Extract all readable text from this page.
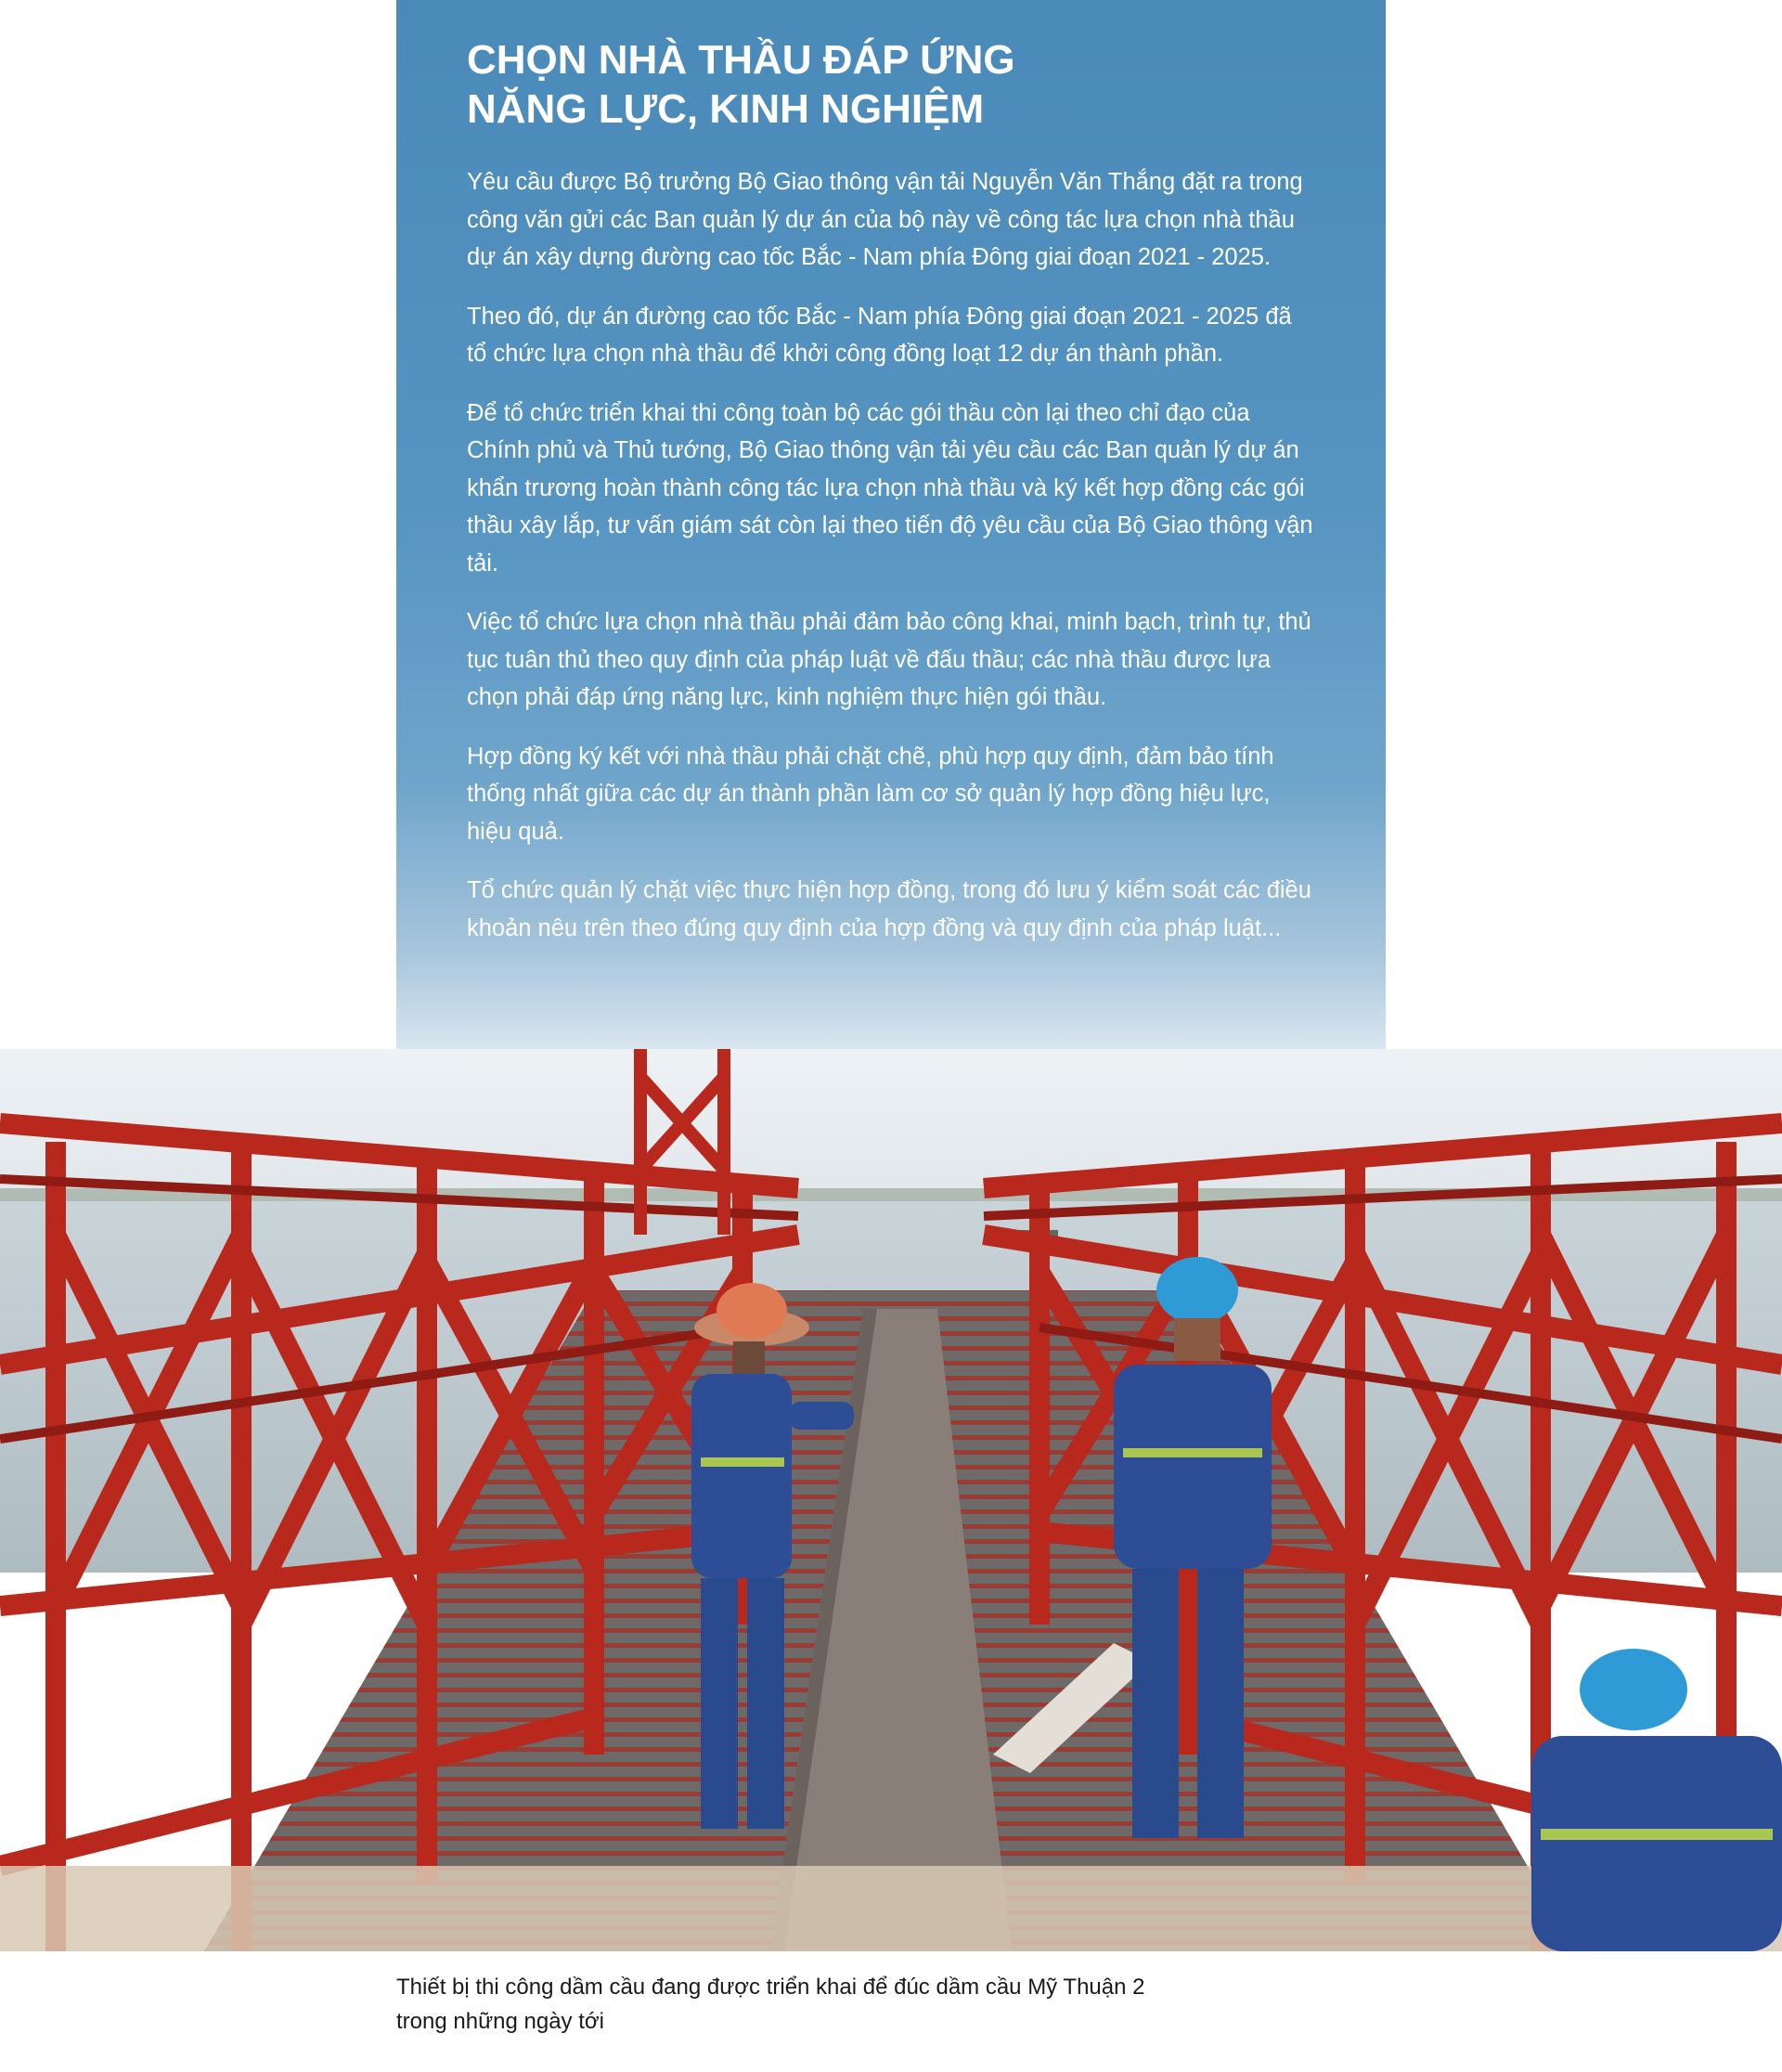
CHỌN NHÀ THẦU ĐÁP ỨNG
NĂNG LỰC, KINH NGHIỆM

Yêu cầu được Bộ trưởng Bộ Giao thông vận tải Nguyễn Văn Thắng đặt ra trong công văn gửi các Ban quản lý dự án của bộ này về công tác lựa chọn nhà thầu dự án xây dựng đường cao tốc Bắc - Nam phía Đông giai đoạn 2021 - 2025.

Theo đó, dự án đường cao tốc Bắc - Nam phía Đông giai đoạn 2021 - 2025 đã tổ chức lựa chọn nhà thầu để khởi công đồng loạt 12 dự án thành phần.

Để tổ chức triển khai thi công toàn bộ các gói thầu còn lại theo chỉ đạo của Chính phủ và Thủ tướng, Bộ Giao thông vận tải yêu cầu các Ban quản lý dự án khẩn trương hoàn thành công tác lựa chọn nhà thầu và ký kết hợp đồng các gói thầu xây lắp, tư vấn giám sát còn lại theo tiến độ yêu cầu của Bộ Giao thông vận tải.

Việc tổ chức lựa chọn nhà thầu phải đảm bảo công khai, minh bạch, trình tự, thủ tục tuân thủ theo quy định của pháp luật về đấu thầu; các nhà thầu được lựa chọn phải đáp ứng năng lực, kinh nghiệm thực hiện gói thầu.

Hợp đồng ký kết với nhà thầu phải chặt chẽ, phù hợp quy định, đảm bảo tính thống nhất giữa các dự án thành phần làm cơ sở quản lý hợp đồng hiệu lực, hiệu quả.

Tổ chức quản lý chặt việc thực hiện hợp đồng, trong đó lưu ý kiểm soát các điều khoản nêu trên theo đúng quy định của hợp đồng và quy định của pháp luật...

Thiết bị thi công dầm cầu đang được triển khai để đúc dầm cầu Mỹ Thuận 2
trong những ngày tới
